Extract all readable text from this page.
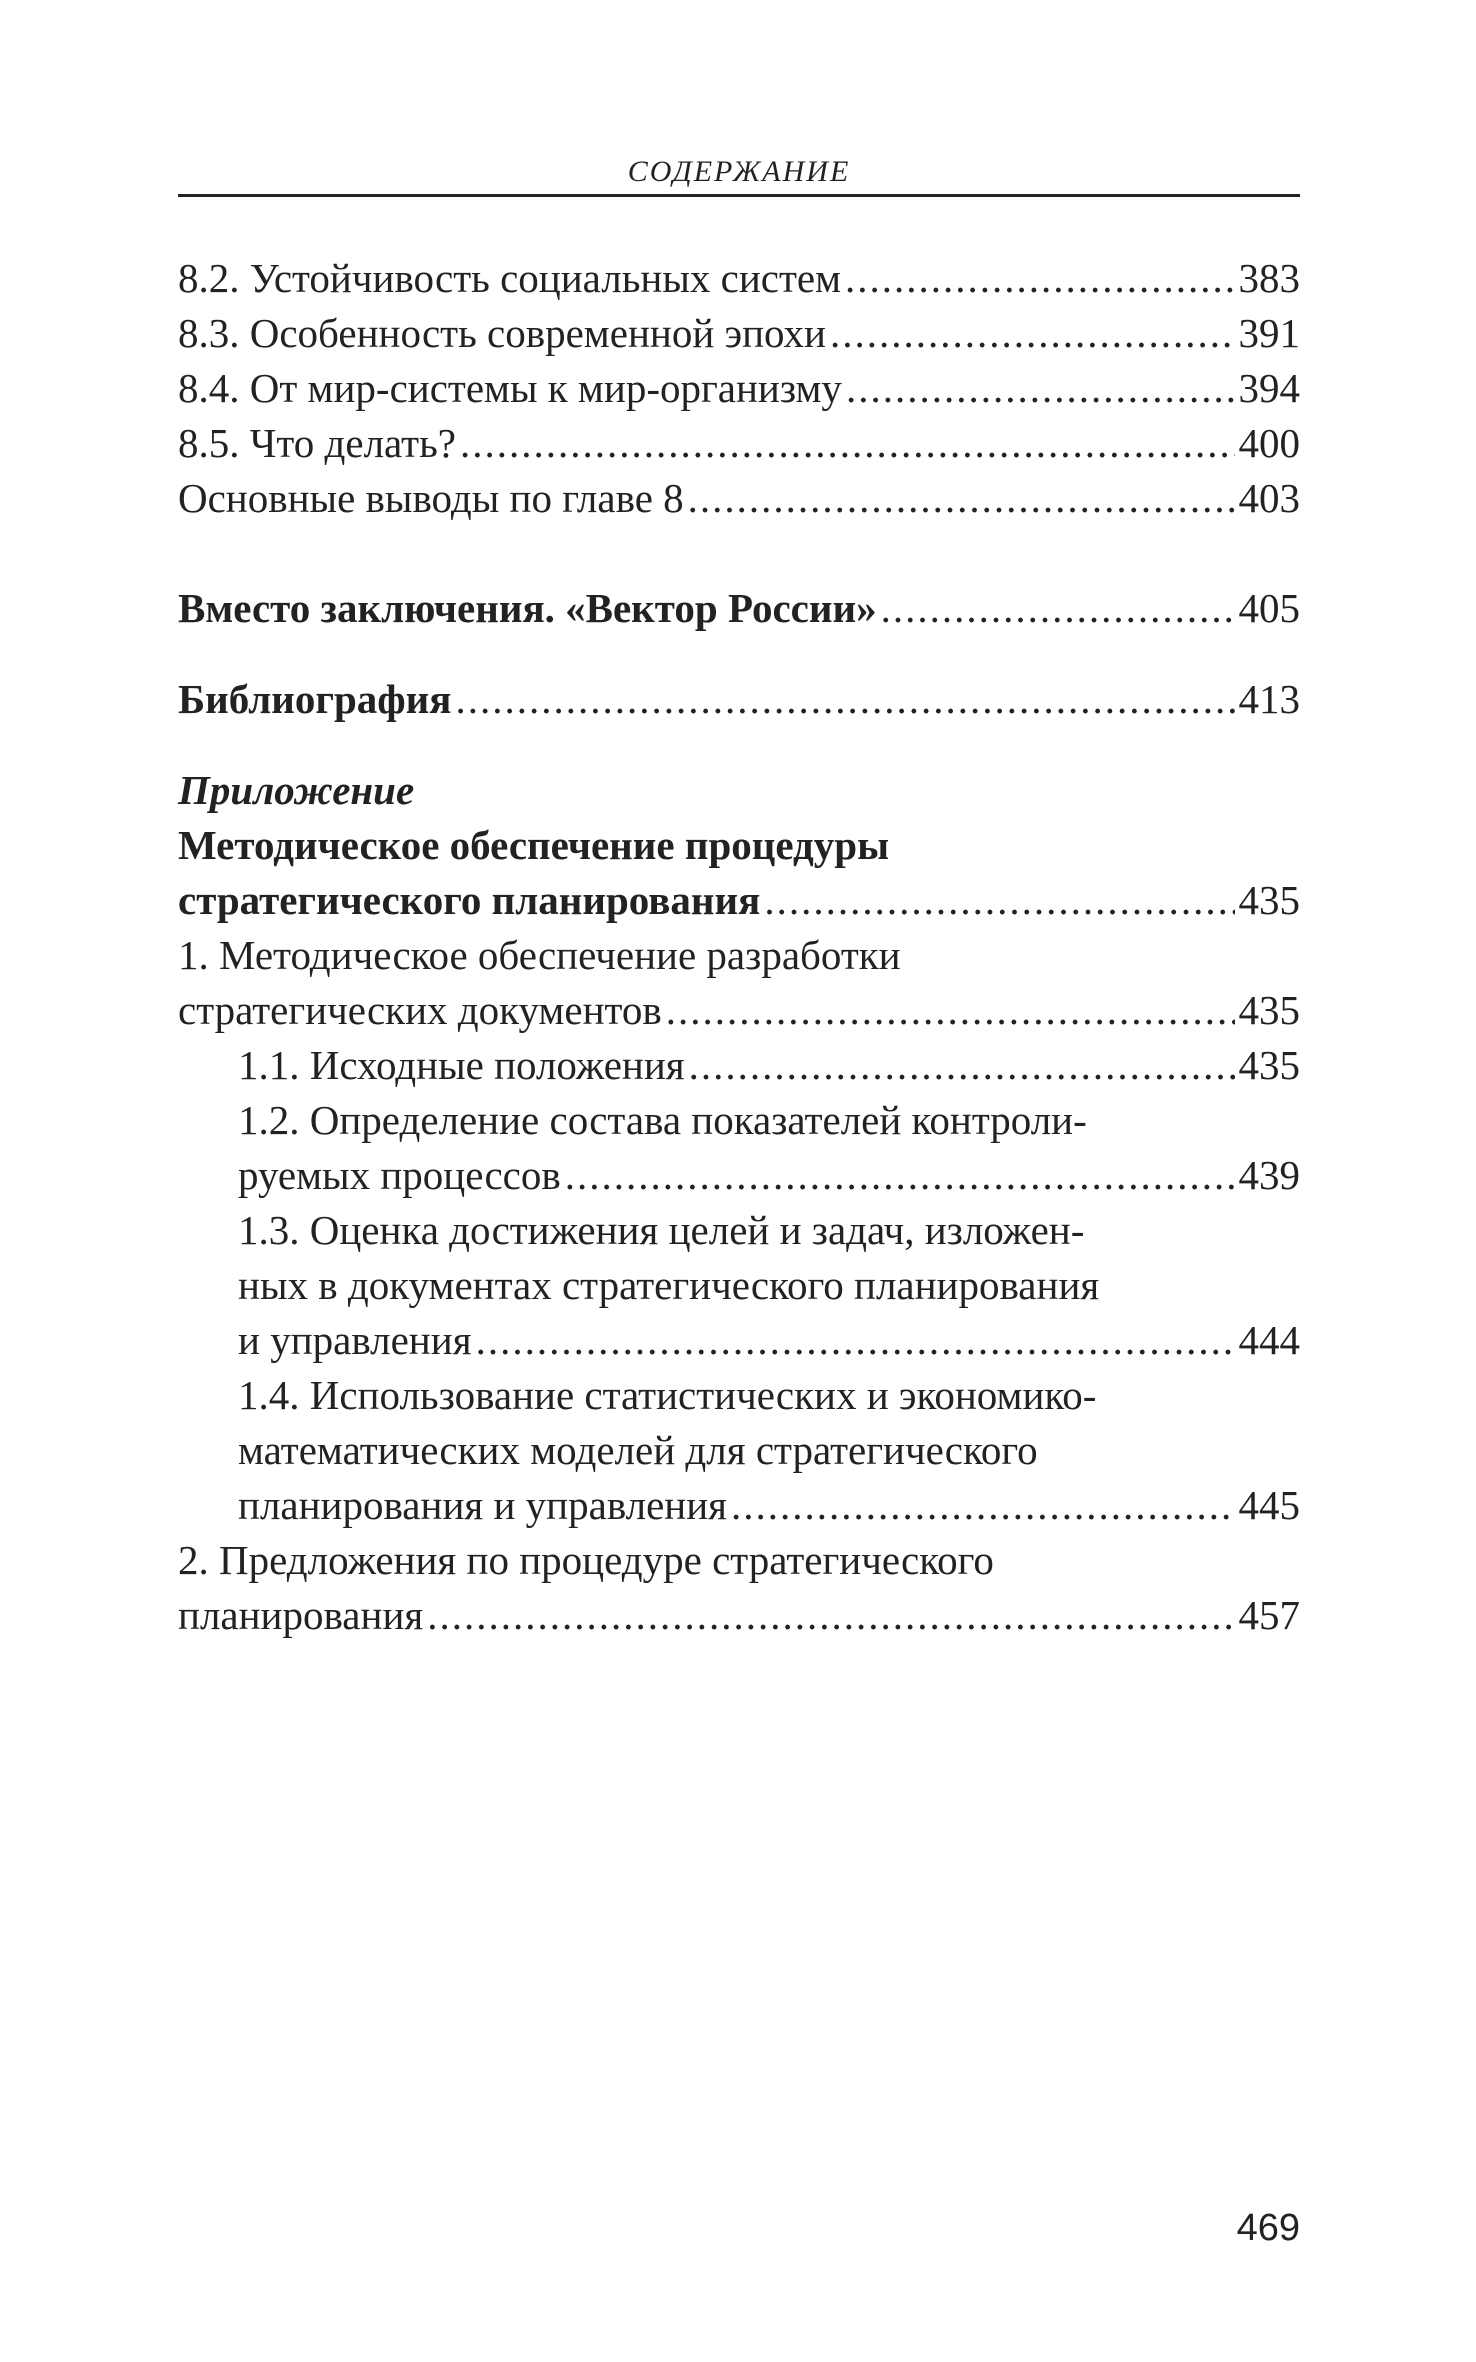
СОДЕРЖАНИЕ
8.2. Устойчивость социальных систем .....	383
8.3. Особенность современной эпохи .....	391
8.4. От мир-системы к мир-организму .....	394
8.5. Что делать? .....	400
Основные выводы по главе 8 .....	403
Вместо заключения. «Вектор России» .....	405
Библиография .....	413
Приложение
Методическое обеспечение процедуры
стратегического планирования .....	435
1. Методическое обеспечение разработки
стратегических документов .....	435
1.1. Исходные положения .....	435
1.2. Определение состава показателей контроли-
руемых процессов .....	439
1.3. Оценка достижения целей и задач, изложен-
ных в документах стратегического планирования
и управления .....	444
1.4. Использование статистических и экономико-
математических моделей для стратегического
планирования и управления .....	445
2. Предложения по процедуре стратегического
планирования .....	457
469
